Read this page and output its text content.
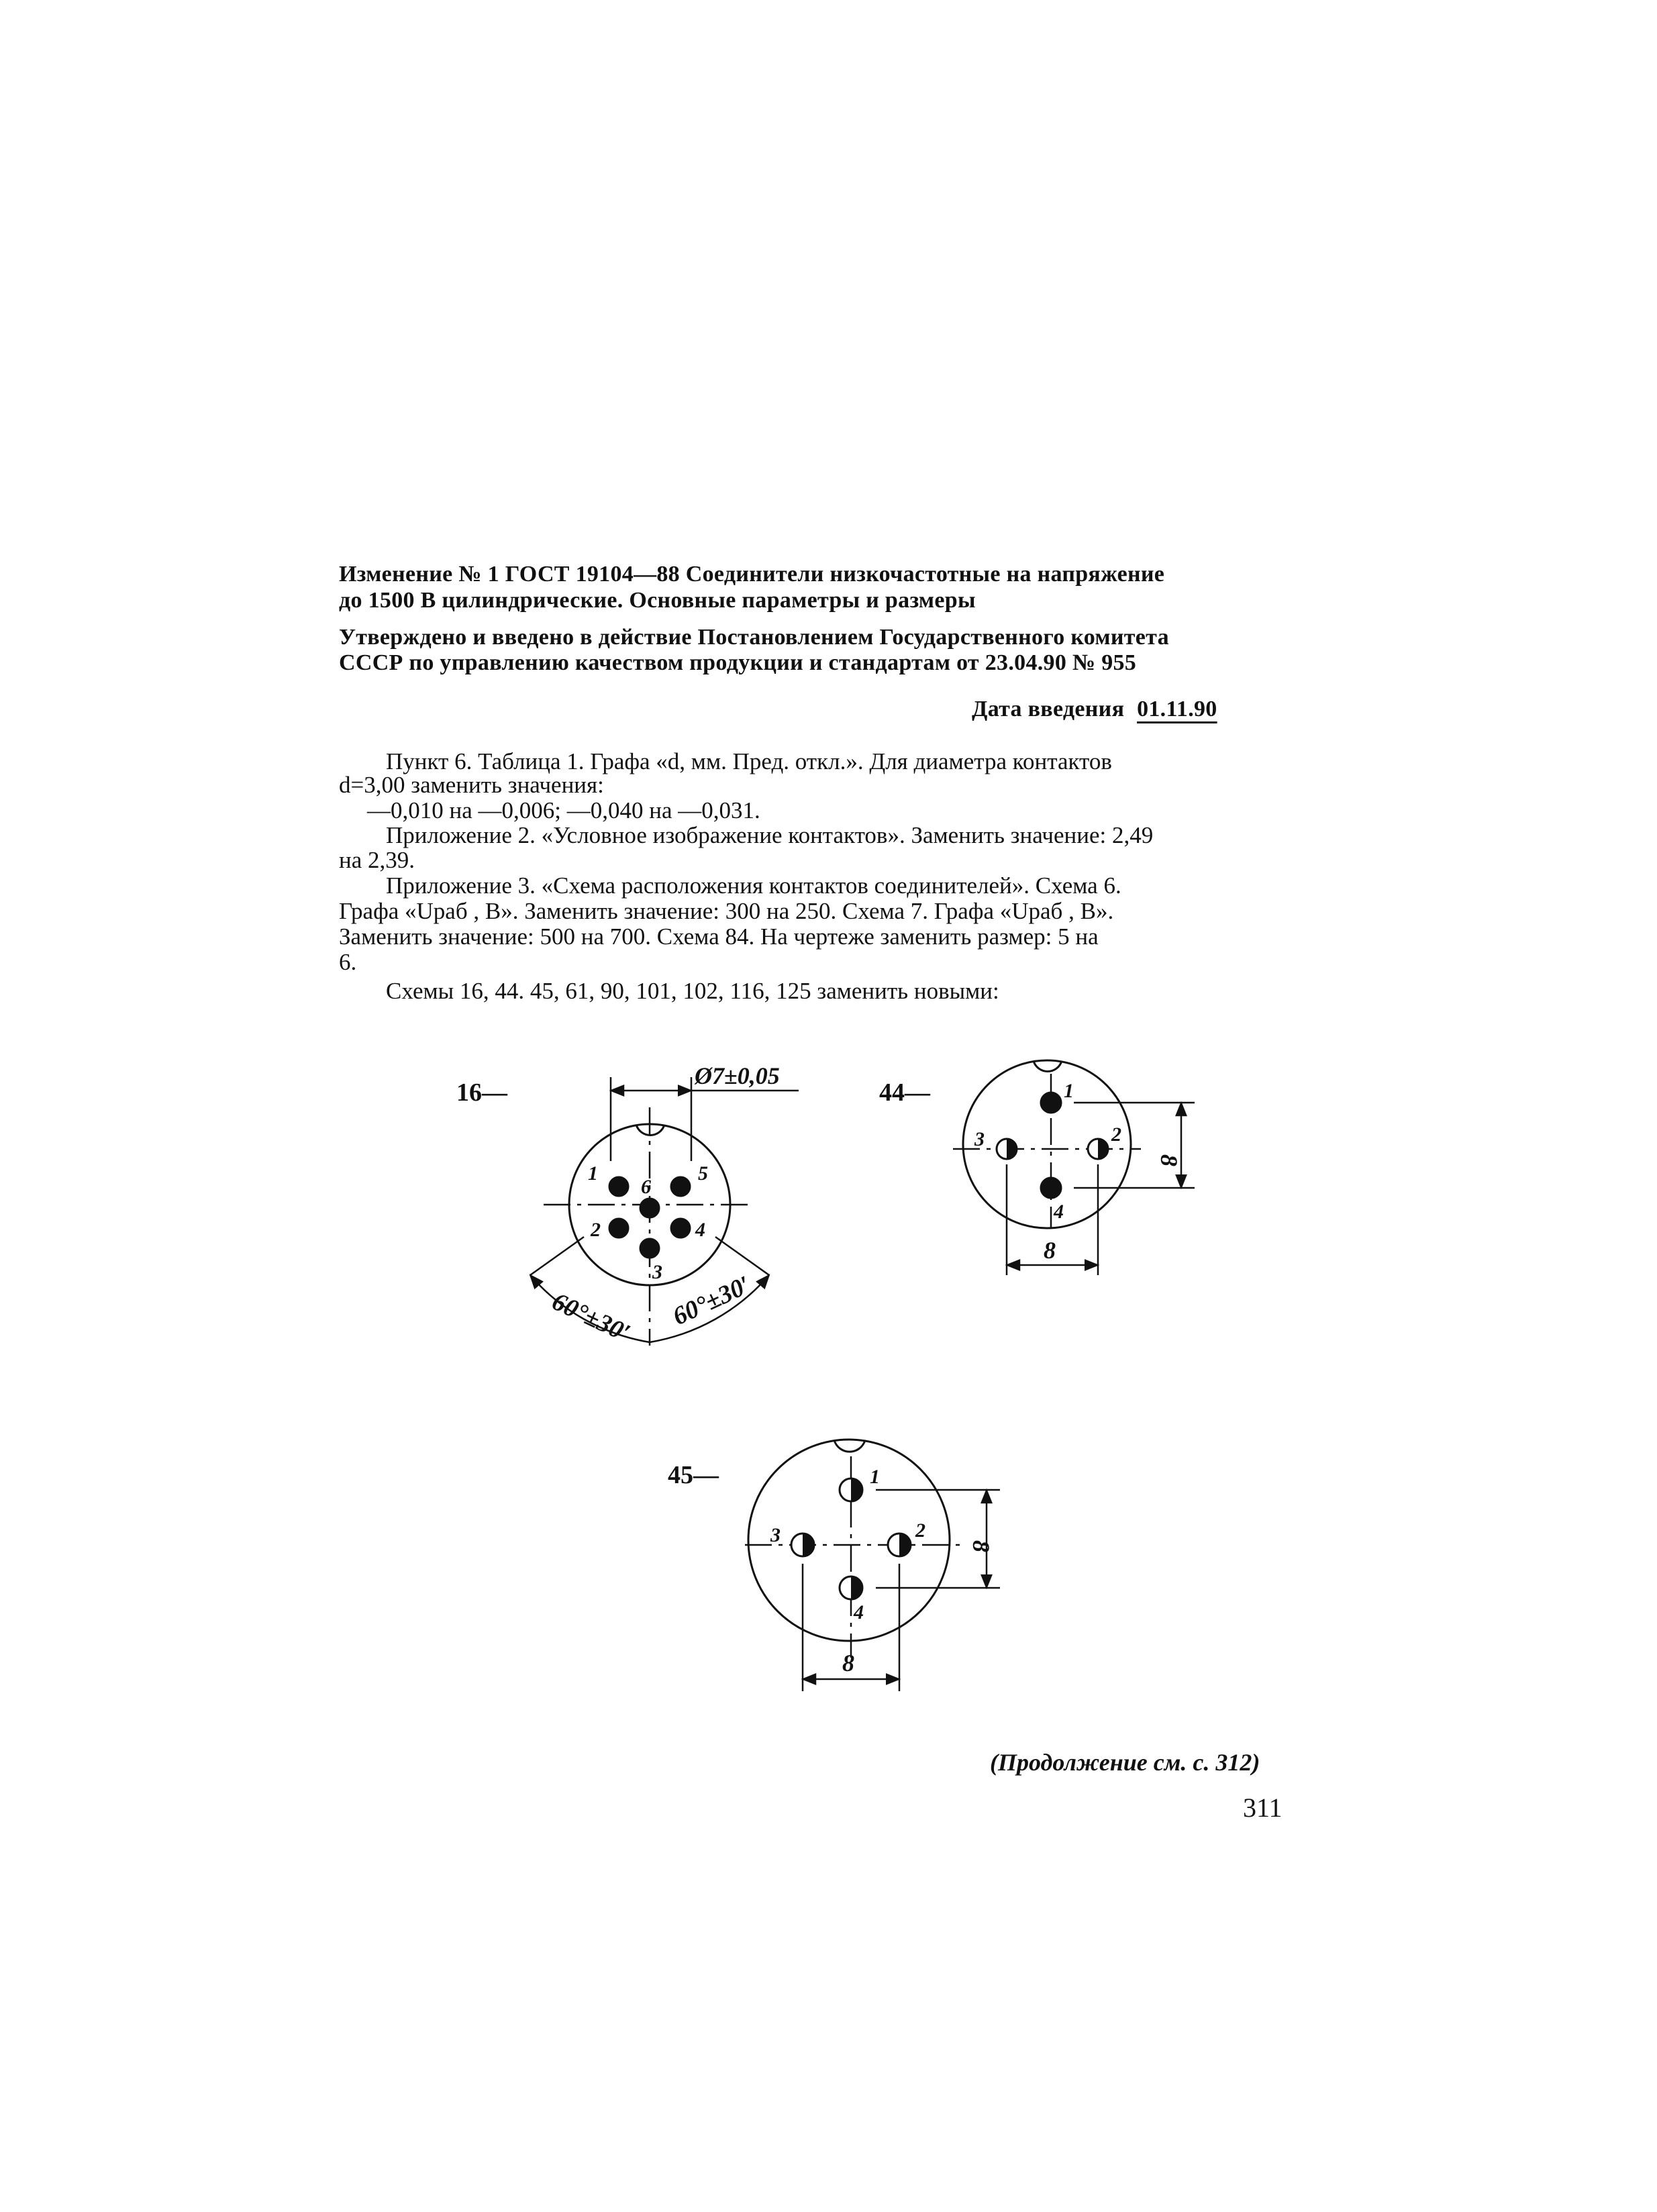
Изменение № 1 ГОСТ 19104—88 Соединители низкочастотные на напряжение
до 1500 В цилиндрические. Основные параметры и размеры
Утверждено и введено в действие Постановлением Государственного комитета
СССР по управлению качеством продукции и стандартам от 23.04.90 № 955
Дата введения 01.11.90
Пункт 6. Таблица 1. Графа «d, мм. Пред. откл.». Для диаметра контактов
d=3,00 заменить значения:
—0,010 на —0,006; —0,040 на —0,031.
Приложение 2. «Условное изображение контактов». Заменить значение: 2,49
на 2,39.
Приложение 3. «Схема расположения контактов соединителей». Схема 6.
Графа «Uраб , В». Заменить значение: 300 на 250. Схема 7. Графа «Uраб , В».
Заменить значение: 500 на 700. Схема 84. На чертеже заменить размер: 5 на
6.
Схемы 16, 44. 45, 61, 90, 101, 102, 116, 125 заменить новыми:
16—
Ø7±0,05
60°±30′ 60°±30′
1
2
3
4
5
6
44—	1
2
3
4
8
8
45—	1
2
3
4
8
8
(Продолжение см. с. 312)
311
